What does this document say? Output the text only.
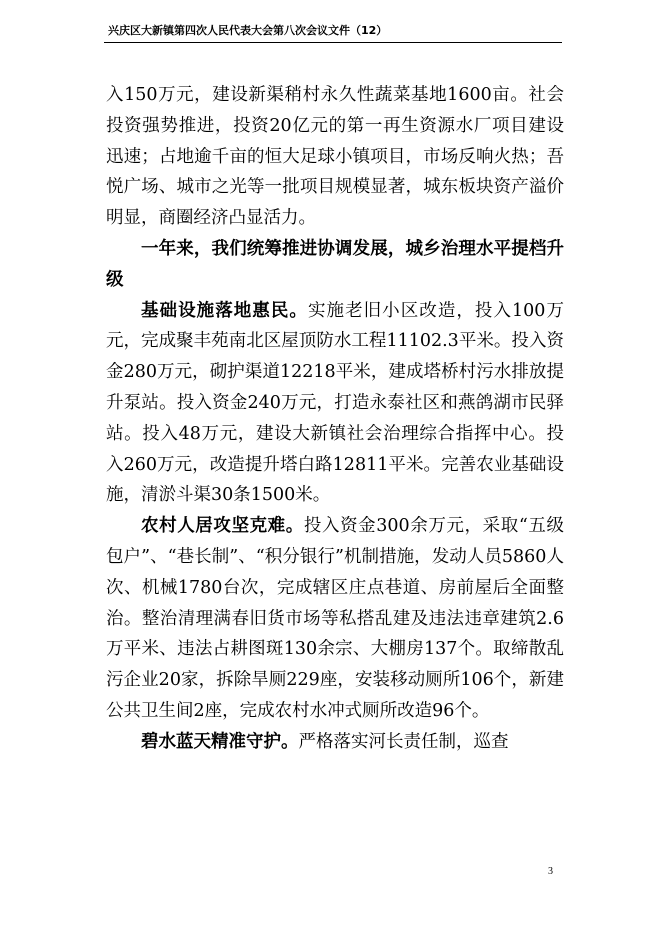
兴庆区大新镇第四次人民代表大会第八次会议文件（12）

入150万元，建设新渠稍村永久性蔬菜基地1600亩。社会投资强势推进，投资20亿元的第一再生资源水厂项目建设迅速；占地逾千亩的恒大足球小镇项目，市场反响火热；吾悦广场、城市之光等一批项目规模显著，城东板块资产溢价明显，商圈经济凸显活力。

一年来，我们统筹推进协调发展，城乡治理水平提档升级

基础设施落地惠民。实施老旧小区改造，投入100万元，完成聚丰苑南北区屋顶防水工程11102.3平米。投入资金280万元，砌护渠道12218平米，建成塔桥村污水排放提升泵站。投入资金240万元，打造永泰社区和燕鸽湖市民驿站。投入48万元，建设大新镇社会治理综合指挥中心。投入260万元，改造提升塔白路12811平米。完善农业基础设施，清淤斗渠30条1500米。

农村人居攻坚克难。投入资金300余万元，采取“五级包户”、“巷长制”、“积分银行”机制措施，发动人员5860人次、机械1780台次，完成辖区庄点巷道、房前屋后全面整治。整治清理满春旧货市场等私搭乱建及违法违章建筑2.6万平米、违法占耕图斑130余宗、大棚房137个。取缔散乱污企业20家，拆除旱厕229座，安装移动厕所106个，新建公共卫生间2座，完成农村水冲式厕所改造96个。

碧水蓝天精准守护。严格落实河长责任制，巡查

3
